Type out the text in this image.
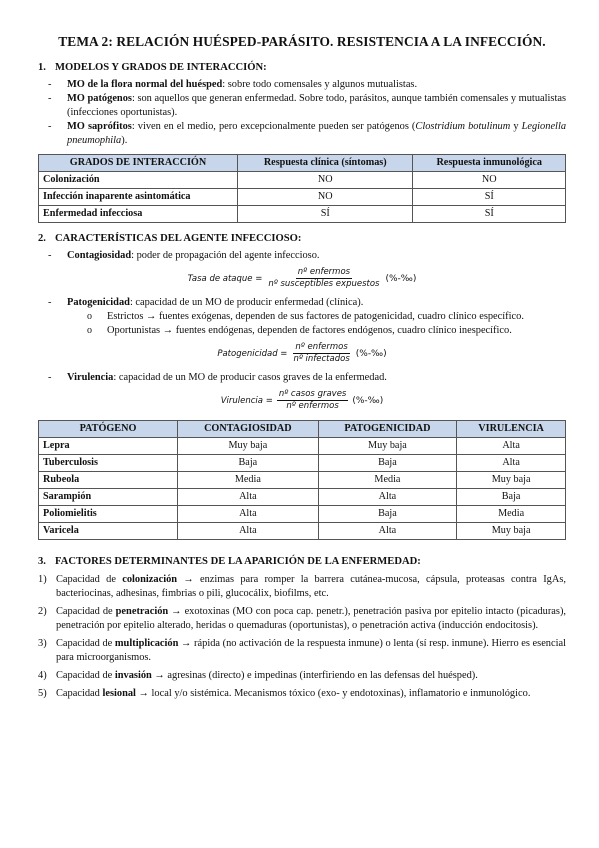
TEMA 2: RELACIÓN HUÉSPED-PARÁSITO. RESISTENCIA A LA INFECCIÓN.
1. MODELOS Y GRADOS DE INTERACCIÓN:
- MO de la flora normal del huésped: sobre todo comensales y algunos mutualistas.
- MO patógenos: son aquellos que generan enfermedad. Sobre todo, parásitos, aunque también comensales y mutualistas (infecciones oportunistas).
- MO saprófitos: viven en el medio, pero excepcionalmente pueden ser patógenos (Clostridium botulinum y Legionella pneumophila).
GRADOS DE INTERACCIÓN	Respuesta clínica (síntomas)	Respuesta inmunológica
Colonización	NO	NO
Infección inaparente asintomática	NO	SÍ
Enfermedad infecciosa	SÍ	SÍ
2. CARACTERÍSTICAS DEL AGENTE INFECCIOSO:
- Contagiosidad: poder de propagación del agente infeccioso.
Tasa de ataque = $\frac{\text{nº enfermos}}{\text{nº susceptibles expuestos}}$ (%-‰)
- Patogenicidad: capacidad de un MO de producir enfermedad (clínica).
o Estrictos → fuentes exógenas, dependen de sus factores de patogenicidad, cuadro clínico específico.
o Oportunistas → fuentes endógenas, dependen de factores endógenos, cuadro clínico inespecífico.
Patogenicidad = $\frac{\text{nº enfermos}}{\text{nº infectados}}$ (%-‰)
- Virulencia: capacidad de un MO de producir casos graves de la enfermedad.
Virulencia = $\frac{\text{nº casos graves}}{\text{nº enfermos}}$ (%-‰)
PATÓGENO	CONTAGIOSIDAD	PATOGENICIDAD	VIRULENCIA
Lepra	Muy baja	Muy baja	Alta
Tuberculosis	Baja	Baja	Alta
Rubeola	Media	Media	Muy baja
Sarampión	Alta	Alta	Baja
Poliomielitis	Alta	Baja	Media
Varicela	Alta	Alta	Muy baja
3. FACTORES DETERMINANTES DE LA APARICIÓN DE LA ENFERMEDAD:
1) Capacidad de colonización → enzimas para romper la barrera cutánea-mucosa, cápsula, proteasas contra IgAs, bacteriocinas, adhesinas, fimbrias o pili, glucocálix, biofilms, etc.
2) Capacidad de penetración → exotoxinas (MO con poca cap. penetr.), penetración pasiva por epitelio intacto (picaduras), penetración por epitelio alterado, heridas o quemaduras (oportunistas), o penetración activa (inducción endocitosis).
3) Capacidad de multiplicación → rápida (no activación de la respuesta inmune) o lenta (sí resp. inmune). Hierro es esencial para microorganismos.
4) Capacidad de invasión → agresinas (directo) e impedinas (interfiriendo en las defensas del huésped).
5) Capacidad lesional → local y/o sistémica. Mecanismos tóxico (exo- y endotoxinas), inflamatorio e inmunológico.
